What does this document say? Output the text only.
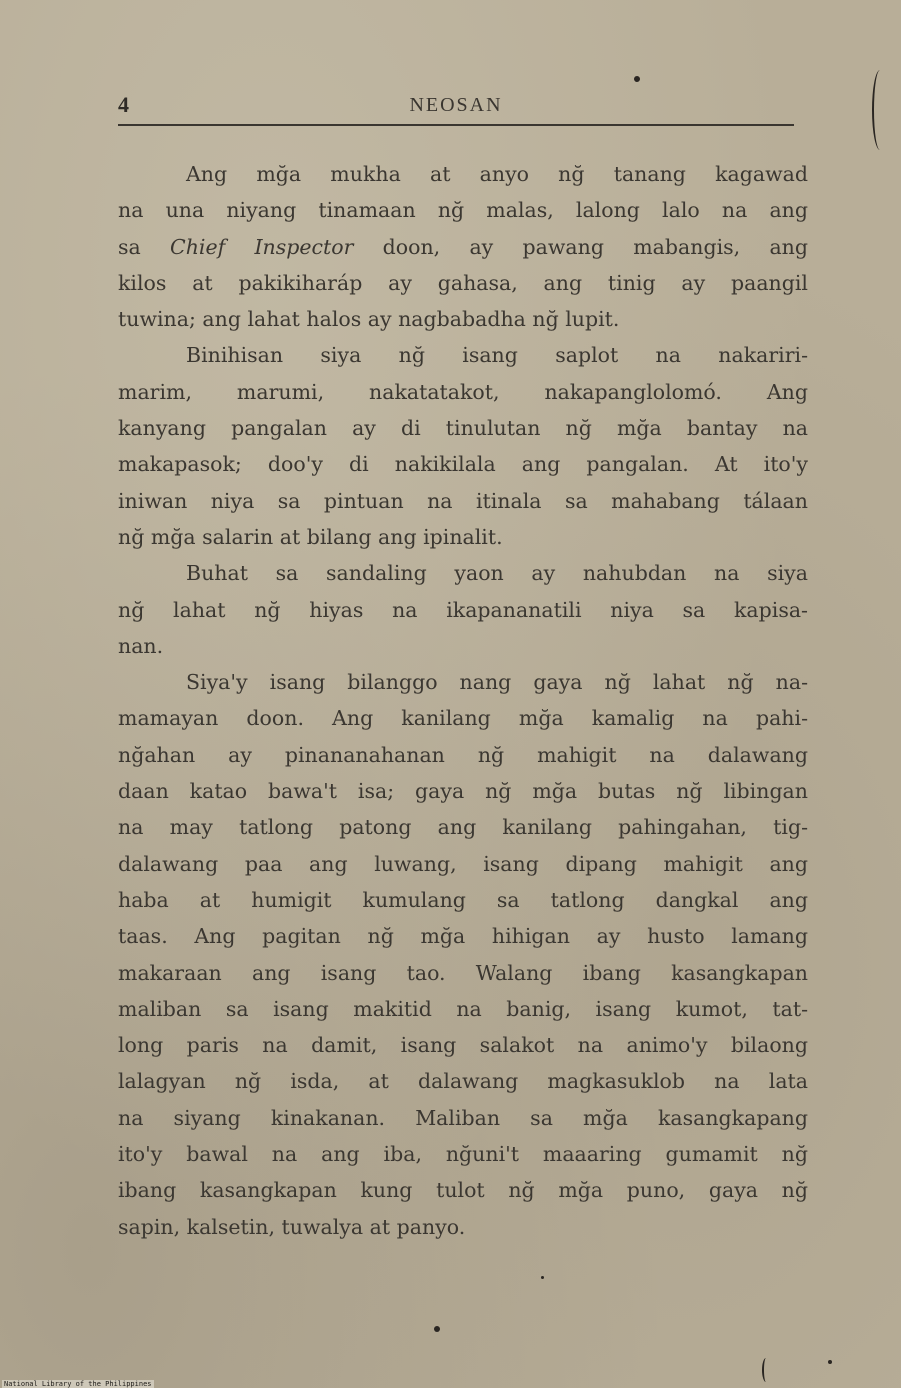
4	NEOSAN
Ang mğa mukha at anyo nğ tanang kagawad
na una niyang tinamaan nğ malas, lalong lalo na ang
sa Chief Inspector doon, ay pawang mabangis, ang
kilos at pakikiharáp ay gahasa, ang tinig ay paangil
tuwina; ang lahat halos ay nagbabadha nğ lupit.
Binihisan siya nğ isang saplot na nakariri-
marim, marumi, nakatatakot, nakapanglolomó. Ang
kanyang pangalan ay di tinulutan nğ mğa bantay na
makapasok; doo'y di nakikilala ang pangalan. At ito'y
iniwan niya sa pintuan na itinala sa mahabang tálaan
nğ mğa salarin at bilang ang ipinalit.
Buhat sa sandaling yaon ay nahubdan na siya
nğ lahat nğ hiyas na ikapananatili niya sa kapisa-
nan.
Siya'y isang bilanggo nang gaya nğ lahat nğ na-
mamayan doon. Ang kanilang mğa kamalig na pahi-
nğahan ay pinananahanan nğ mahigit na dalawang
daan katao bawa't isa; gaya nğ mğa butas nğ libingan
na may tatlong patong ang kanilang pahingahan, tig-
dalawang paa ang luwang, isang dipang mahigit ang
haba at humigit kumulang sa tatlong dangkal ang
taas. Ang pagitan nğ mğa hihigan ay husto lamang
makaraan ang isang tao. Walang ibang kasangkapan
maliban sa isang makitid na banig, isang kumot, tat-
long paris na damit, isang salakot na animo'y bilaong
lalagyan nğ isda, at dalawang magkasuklob na lata
na siyang kinakanan. Maliban sa mğa kasangkapang
ito'y bawal na ang iba, nğuni't maaaring gumamit nğ
ibang kasangkapan kung tulot nğ mğa puno, gaya nğ
sapin, kalsetin, tuwalya at panyo.
National Library of the Philippines
